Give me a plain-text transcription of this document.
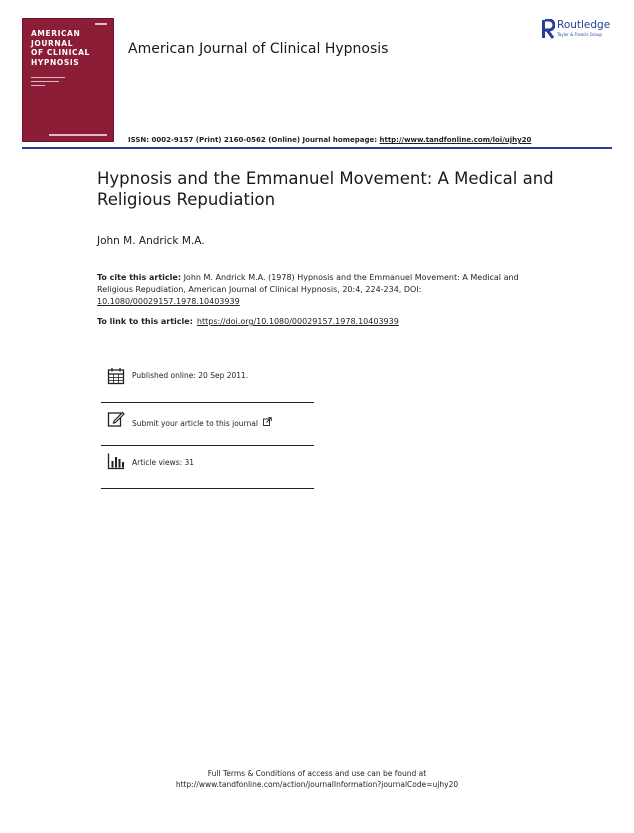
AMERICAN
JOURNAL
OF CLINICAL
HYPNOSIS
American Journal of Clinical Hypnosis
Routledge
Taylor & Francis Group
ISSN: 0002-9157 (Print) 2160-0562 (Online) Journal homepage: http://www.tandfonline.com/loi/ujhy20
Hypnosis and the Emmanuel Movement: A Medical and Religious Repudiation
John M. Andrick M.A.
To cite this article: John M. Andrick M.A. (1978) Hypnosis and the Emmanuel Movement: A Medical and Religious Repudiation, American Journal of Clinical Hypnosis, 20:4, 224-234, DOI: 10.1080/00029157.1978.10403939
To link to this article: https://doi.org/10.1080/00029157.1978.10403939
Published online: 20 Sep 2011.
Submit your article to this journal
Article views: 31
Full Terms & Conditions of access and use can be found at
http://www.tandfonline.com/action/journalInformation?journalCode=ujhy20
